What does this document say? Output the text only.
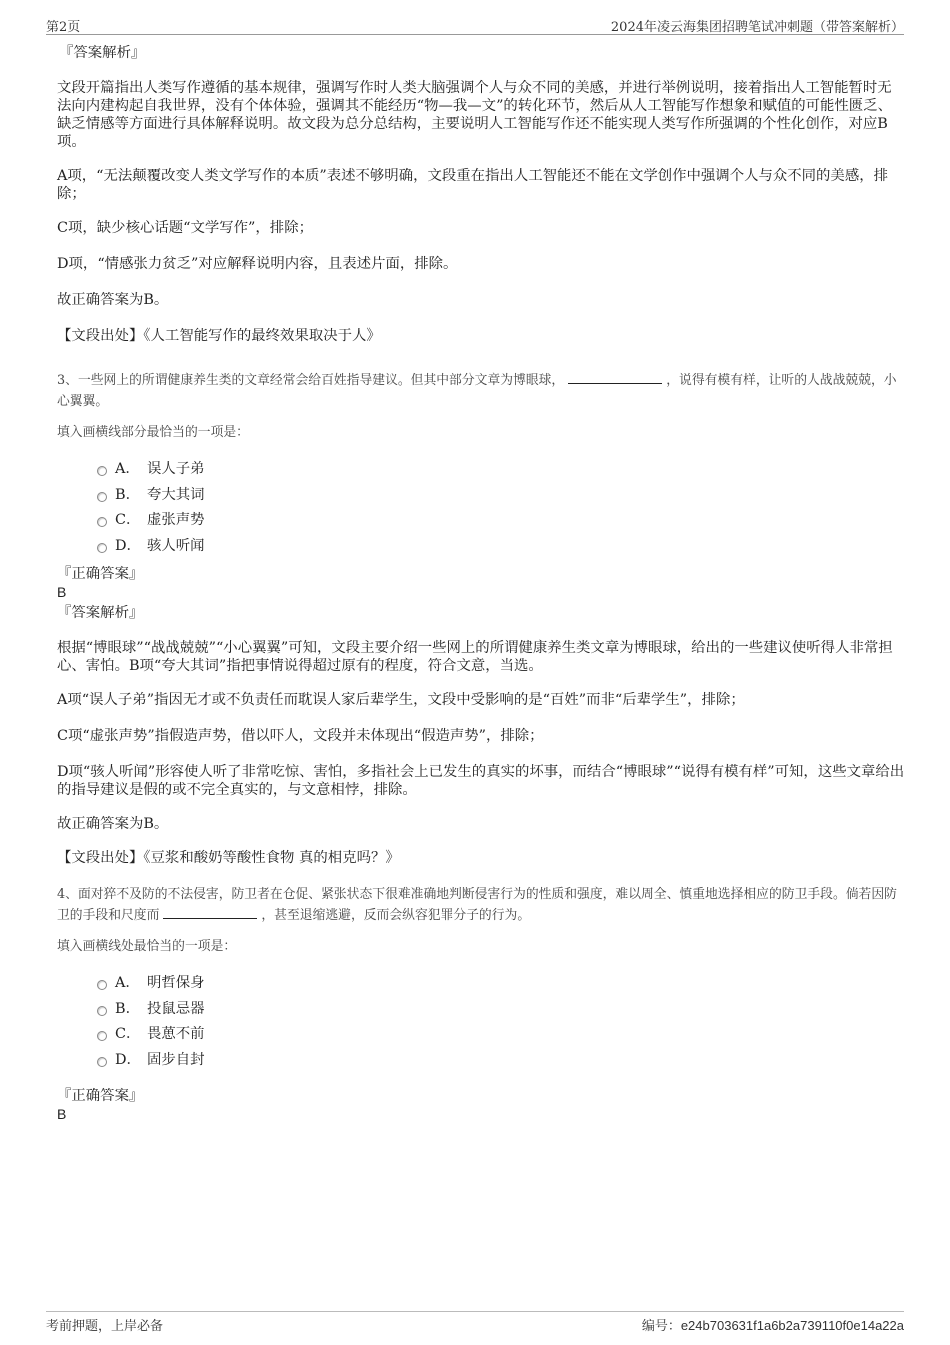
第2页	2024年凌云海集团招聘笔试冲刺题（带答案解析）

『答案解析』

文段开篇指出人类写作遵循的基本规律，强调写作时人类大脑强调个人与众不同的美感，并进行举例说明，接着指出人工智能暂时无法向内建构起自我世界，没有个体体验，强调其不能经历“物—我—文”的转化环节，然后从人工智能写作想象和赋值的可能性匮乏、缺乏情感等方面进行具体解释说明。故文段为总分总结构，主要说明人工智能写作还不能实现人类写作所强调的个性化创作，对应B项。

A项，“无法颠覆改变人类文学写作的本质”表述不够明确，文段重在指出人工智能还不能在文学创作中强调个人与众不同的美感，排除；

C项，缺少核心话题“文学写作”，排除；

D项，“情感张力贫乏”对应解释说明内容，且表述片面，排除。

故正确答案为B。

【文段出处】《人工智能写作的最终效果取决于人》

3、一些网上的所谓健康养生类的文章经常会给百姓指导建议。但其中部分文章为博眼球，	，说得有模有样，让听的人战战兢兢，小心翼翼。

填入画横线部分最恰当的一项是：

A． 误人子弟
B． 夸大其词
C． 虚张声势
D． 骇人听闻

『正确答案』

B

『答案解析』

根据“博眼球”“战战兢兢”“小心翼翼”可知，文段主要介绍一些网上的所谓健康养生类文章为博眼球，给出的一些建议使听得人非常担心、害怕。B项“夸大其词”指把事情说得超过原有的程度，符合文意，当选。

A项“误人子弟”指因无才或不负责任而耽误人家后辈学生，文段中受影响的是“百姓”而非“后辈学生”，排除；

C项“虚张声势”指假造声势，借以吓人，文段并未体现出“假造声势”，排除；

D项“骇人听闻”形容使人听了非常吃惊、害怕，多指社会上已发生的真实的坏事，而结合“博眼球”“说得有模有样”可知，这些文章给出的指导建议是假的或不完全真实的，与文意相悖，排除。

故正确答案为B。

【文段出处】《豆浆和酸奶等酸性食物 真的相克吗？》

4、面对猝不及防的不法侵害，防卫者在仓促、紧张状态下很难准确地判断侵害行为的性质和强度，难以周全、慎重地选择相应的防卫手段。倘若因防卫的手段和尺度而	，甚至退缩逃避，反而会纵容犯罪分子的行为。

填入画横线处最恰当的一项是：

A． 明哲保身
B． 投鼠忌器
C． 畏葸不前
D． 固步自封

『正确答案』

B

考前押题，上岸必备	编号：e24b703631f1a6b2a739110f0e14a22a
